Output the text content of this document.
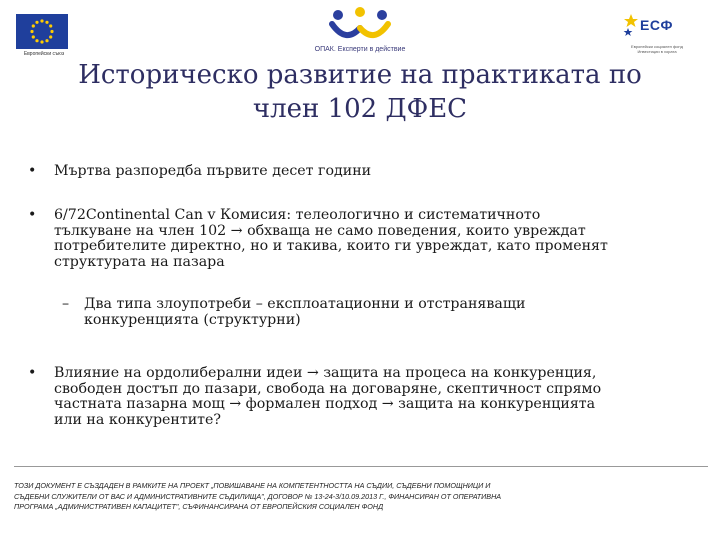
Европейски съюз
ОПАК. Експерти в действие
ЕСФ
Европейски социален фонд Инвестиции в хората
Историческо развитие на практиката по
член 102 ДФЕС
• Мъртва разпоредба първите десет години
• 6/72Continental Can v Комисия: телеологично и систематичното
тълкуване на член 102 → обхваща не само поведения, които увреждат
потребителите директно, но и такива, които ги увреждат, като променят
структурата на пазара
– Два типа злоупотреби – експлоатационни и отстраняващи
конкуренцията (структурни)
• Влияние на ордолиберални идеи → защита на процеса на конкуренция,
свободен достъп до пазари, свобода на договаряне, скептичност спрямо
частната пазарна мощ → формален подход → защита на конкуренцията
или на конкурентите?
ТОЗИ ДОКУМЕНТ Е СЪЗДАДЕН В РАМКИТЕ НА ПРОЕКТ „ПОВИШАВАНЕ НА КОМПЕТЕНТНОСТТА НА СЪДИИ, СЪДЕБНИ ПОМОЩНИЦИ И
СЪДЕБНИ СЛУЖИТЕЛИ ОТ ВАС И АДМИНИСТРАТИВНИТЕ СЪДИЛИЩА", ДОГОВОР № 13-24-3/10.09.2013 Г., ФИНАНСИРАН ОТ ОПЕРАТИВНА
ПРОГРАМА „АДМИНИСТРАТИВЕН КАПАЦИТЕТ", СЪФИНАНСИРАНА ОТ ЕВРОПЕЙСКИЯ СОЦИАЛЕН ФОНД
